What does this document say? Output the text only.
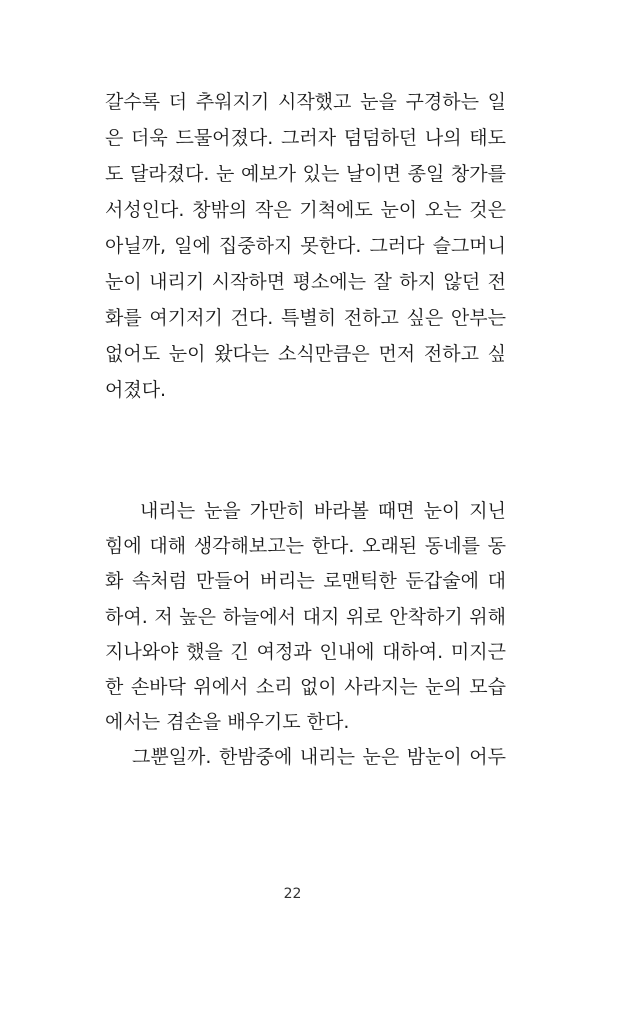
갈수록 더 추워지기 시작했고 눈을 구경하는 일
은 더욱 드물어졌다. 그러자 덤덤하던 나의 태도
도 달라졌다. 눈 예보가 있는 날이면 종일 창가를
서성인다. 창밖의 작은 기척에도 눈이 오는 것은
아닐까, 일에 집중하지 못한다. 그러다 슬그머니
눈이 내리기 시작하면 평소에는 잘 하지 않던 전
화를 여기저기 건다. 특별히 전하고 싶은 안부는
없어도 눈이 왔다는 소식만큼은 먼저 전하고 싶
어졌다.
내리는 눈을 가만히 바라볼 때면 눈이 지닌
힘에 대해 생각해보고는 한다. 오래된 동네를 동
화 속처럼 만들어 버리는 로맨틱한 둔갑술에 대
하여. 저 높은 하늘에서 대지 위로 안착하기 위해
지나와야 했을 긴 여정과 인내에 대하여. 미지근
한 손바닥 위에서 소리 없이 사라지는 눈의 모습
에서는 겸손을 배우기도 한다.
그뿐일까. 한밤중에 내리는 눈은 밤눈이 어두
22
